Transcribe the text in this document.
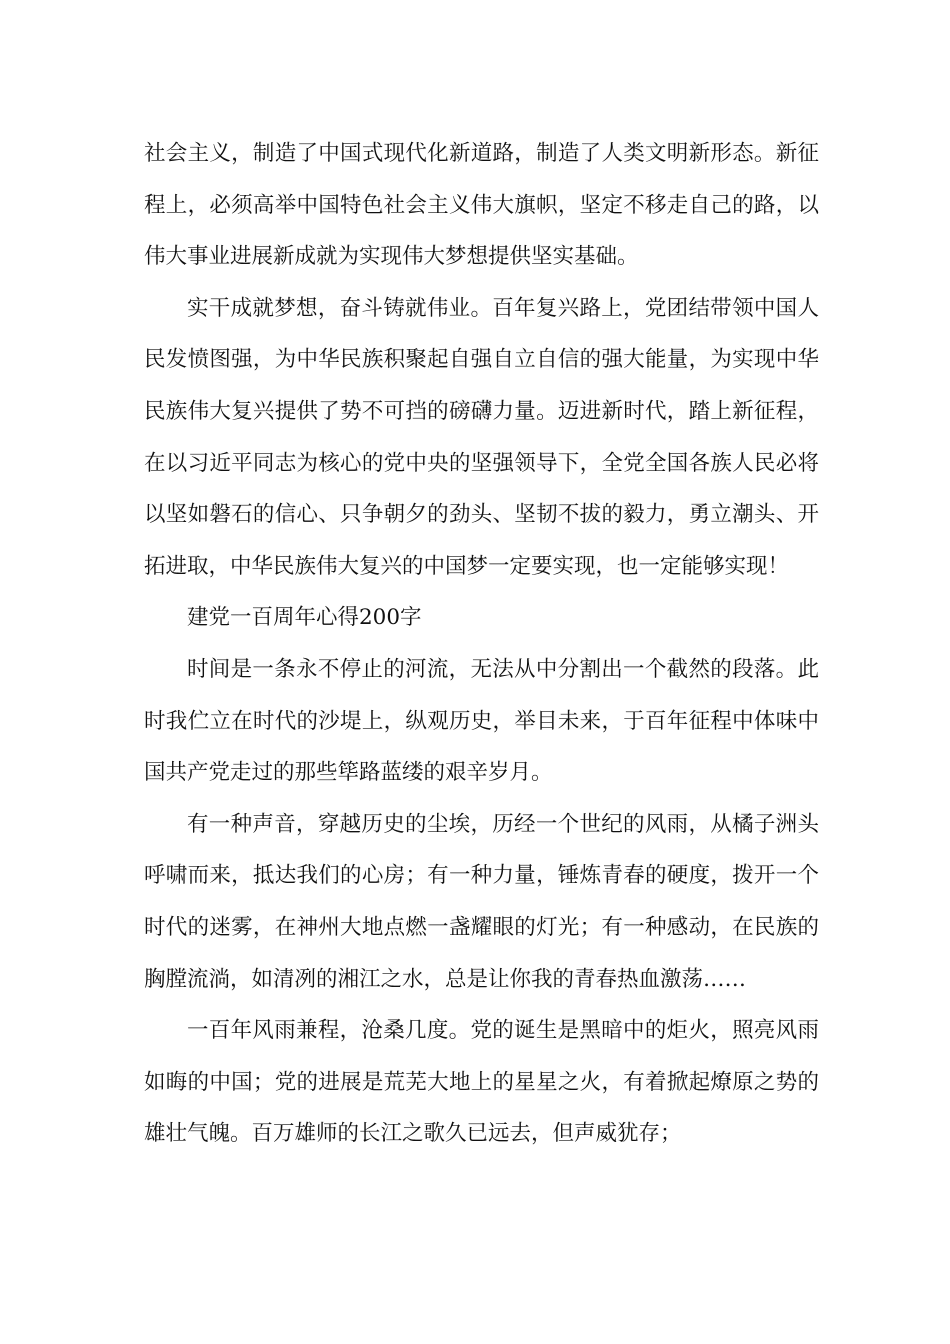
社会主义，制造了中国式现代化新道路，制造了人类文明新形态。新征程上，必须高举中国特色社会主义伟大旗帜，坚定不移走自己的路，以伟大事业进展新成就为实现伟大梦想提供坚实基础。

实干成就梦想，奋斗铸就伟业。百年复兴路上，党团结带领中国人民发愤图强，为中华民族积聚起自强自立自信的强大能量，为实现中华民族伟大复兴提供了势不可挡的磅礴力量。迈进新时代，踏上新征程，在以习近平同志为核心的党中央的坚强领导下，全党全国各族人民必将以坚如磐石的信心、只争朝夕的劲头、坚韧不拔的毅力，勇立潮头、开拓进取，中华民族伟大复兴的中国梦一定要实现，也一定能够实现！

建党一百周年心得200字

时间是一条永不停止的河流，无法从中分割出一个截然的段落。此时我伫立在时代的沙堤上，纵观历史，举目未来，于百年征程中体味中国共产党走过的那些筚路蓝缕的艰辛岁月。

有一种声音，穿越历史的尘埃，历经一个世纪的风雨，从橘子洲头呼啸而来，抵达我们的心房；有一种力量，锤炼青春的硬度，拨开一个时代的迷雾，在神州大地点燃一盏耀眼的灯光；有一种感动，在民族的胸膛流淌，如清冽的湘江之水，总是让你我的青春热血激荡……

一百年风雨兼程，沧桑几度。党的诞生是黑暗中的炬火，照亮风雨如晦的中国；党的进展是荒芜大地上的星星之火，有着掀起燎原之势的雄壮气魄。百万雄师的长江之歌久已远去，但声威犹存；
